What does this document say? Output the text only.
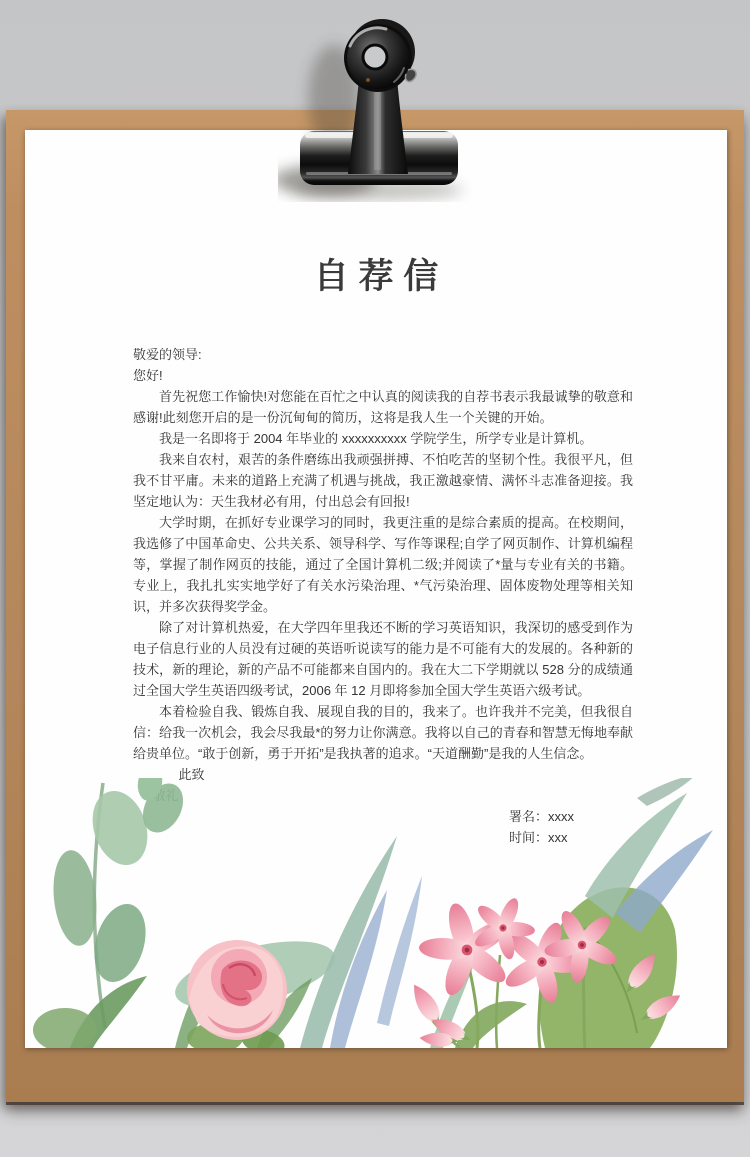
自 荐 信

敬爱的领导:

您好!

首先祝您工作愉快!对您能在百忙之中认真的阅读我的自荐书表示我最诚挚的敬意和感谢!此刻您开启的是一份沉甸甸的简历，这将是我人生一个关键的开始。

我是一名即将于 2004 年毕业的 xxxxxxxxxx 学院学生，所学专业是计算机。

我来自农村，艰苦的条件磨练出我顽强拼搏、不怕吃苦的坚韧个性。我很平凡，但我不甘平庸。未来的道路上充满了机遇与挑战，我正激越豪情、满怀斗志准备迎接。我坚定地认为：天生我材必有用，付出总会有回报!

大学时期，在抓好专业课学习的同时，我更注重的是综合素质的提高。在校期间，我选修了中国革命史、公共关系、领导科学、写作等课程;自学了网页制作、计算机编程等，掌握了制作网页的技能，通过了全国计算机二级;并阅读了*量与专业有关的书籍。专业上，我扎扎实实地学好了有关水污染治理、*气污染治理、固体废物处理等相关知识，并多次获得奖学金。

除了对计算机热爱，在大学四年里我还不断的学习英语知识，我深切的感受到作为电子信息行业的人员没有过硬的英语听说读写的能力是不可能有大的发展的。各种新的技术，新的理论，新的产品不可能都来自国内的。我在大二下学期就以 528 分的成绩通过全国大学生英语四级考试，2006 年 12 月即将参加全国大学生英语六级考试。

本着检验自我、锻炼自我、展现自我的目的，我来了。也许我并不完美，但我很自信：给我一次机会，我会尽我最*的努力让你满意。我将以自己的青春和智慧无悔地奉献给贵单位。“敢于创新，勇于开拓”是我执著的追求。“天道酬勤”是我的人生信念。

此致

署名：xxxx

时间：xxx
